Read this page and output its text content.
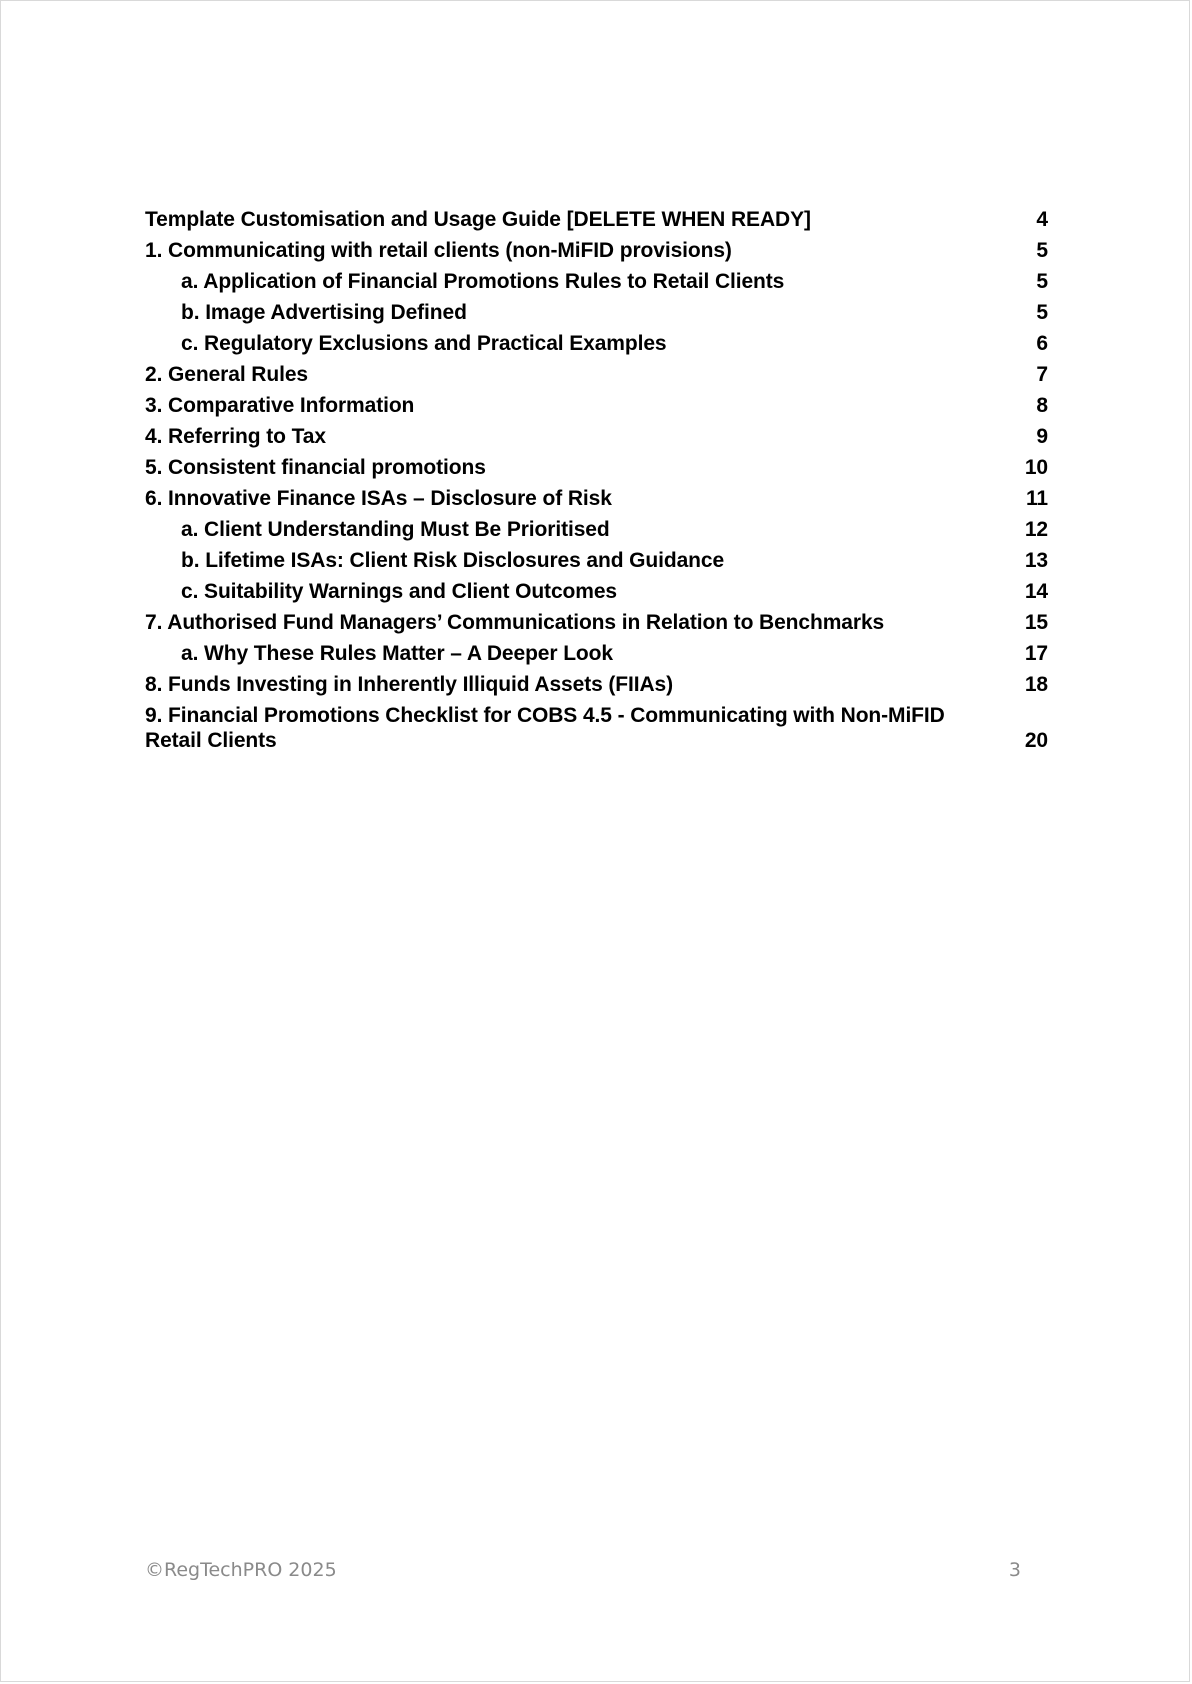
Template Customisation and Usage Guide [DELETE WHEN READY]	4
1. Communicating with retail clients (non-MiFID provisions)	5
a. Application of Financial Promotions Rules to Retail Clients	5
b. Image Advertising Defined	5
c. Regulatory Exclusions and Practical Examples	6
2. General Rules	7
3. Comparative Information	8
4. Referring to Tax	9
5. Consistent financial promotions	10
6. Innovative Finance ISAs – Disclosure of Risk	11
a. Client Understanding Must Be Prioritised	12
b. Lifetime ISAs: Client Risk Disclosures and Guidance	13
c. Suitability Warnings and Client Outcomes	14
7. Authorised Fund Managers’ Communications in Relation to Benchmarks	15
a. Why These Rules Matter – A Deeper Look	17
8. Funds Investing in Inherently Illiquid Assets (FIIAs)	18
9. Financial Promotions Checklist for COBS 4.5 - Communicating with Non-MiFID Retail Clients	20
©RegTechPRO 2025	3
